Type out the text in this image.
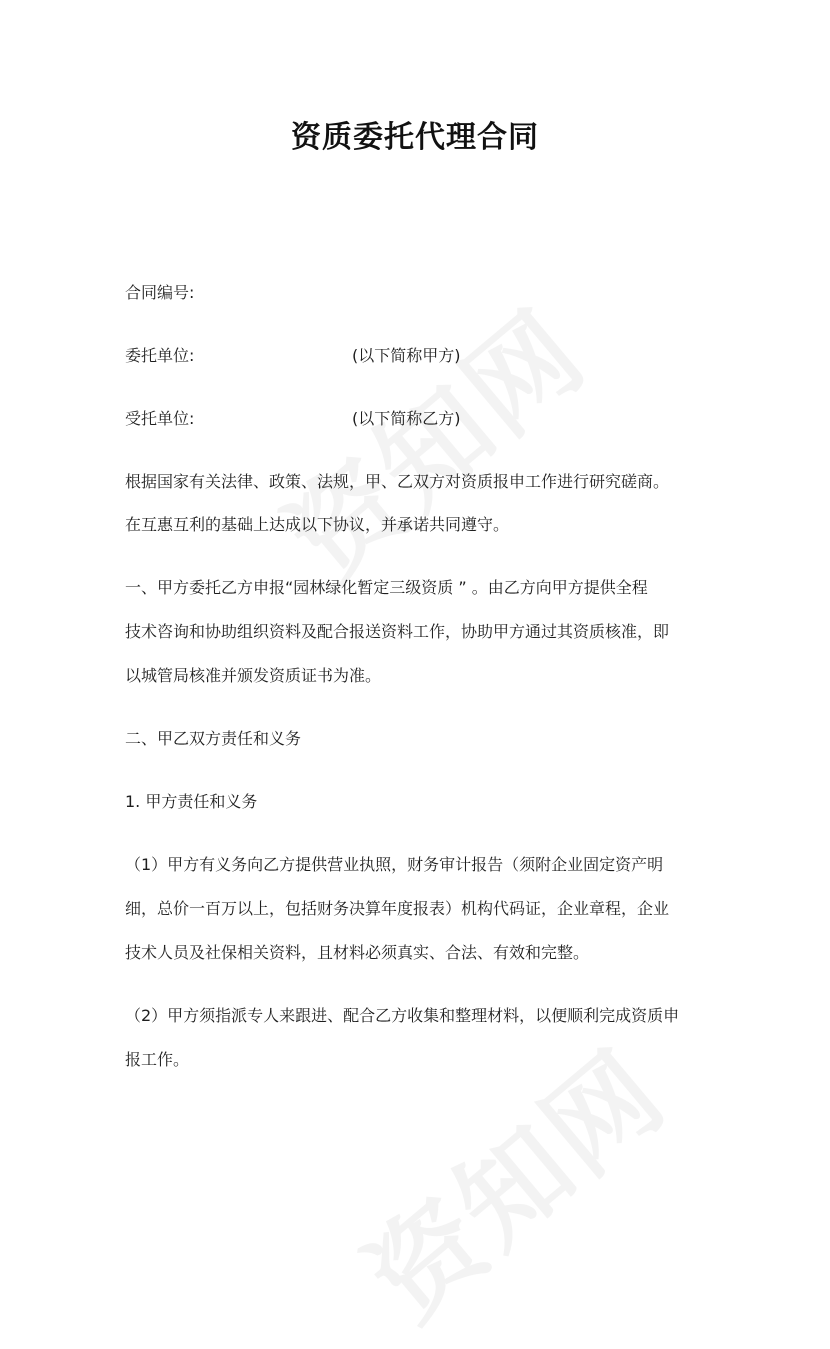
资质委托代理合同
合同编号:
委托单位:	(以下简称甲方)
受托单位:	(以下简称乙方)
根据国家有关法律、政策、法规，甲、乙双方对资质报申工作进行研究磋商。
在互惠互利的基础上达成以下协议，并承诺共同遵守。
一、甲方委托乙方申报“园林绿化暂定三级资质 ” 。由乙方向甲方提供全程
技术咨询和协助组织资料及配合报送资料工作，协助甲方通过其资质核准，即
以城管局核准并颁发资质证书为准。
二、甲乙双方责任和义务
1. 甲方责任和义务
（1）甲方有义务向乙方提供营业执照，财务审计报告（须附企业固定资产明
细，总价一百万以上，包括财务决算年度报表）机构代码证，企业章程，企业
技术人员及社保相关资料，且材料必须真实、合法、有效和完整。
（2）甲方须指派专人来跟进、配合乙方收集和整理材料，以便顺利完成资质申
报工作。
